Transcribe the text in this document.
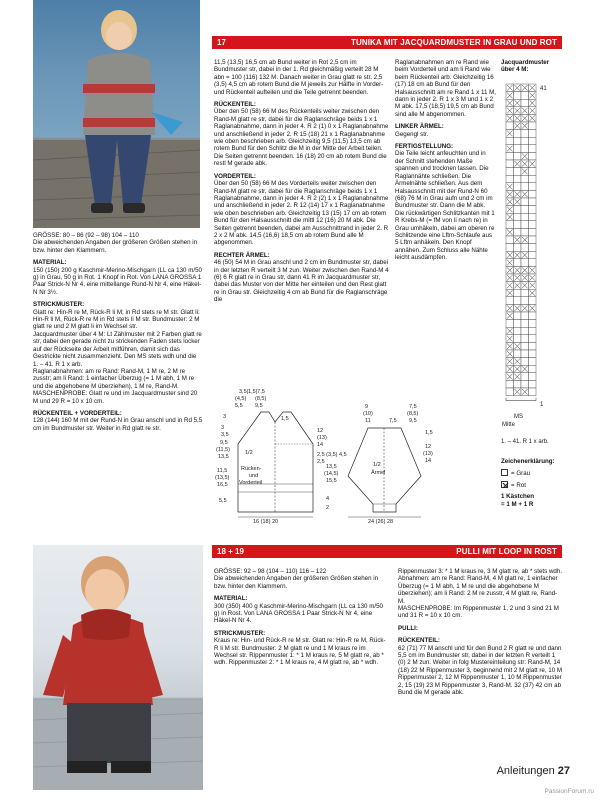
17	TUNIKA MIT JACQUARDMUSTER IN GRAU UND ROT

GRÖSSE: 80 – 86 (92 – 98) 104 – 110

Die abweichenden Angaben der größeren Größen stehen in bzw. hinter den Klammern.

MATERIAL:

150 (150) 200 g Kaschmir-Merino-Mischgarn (LL ca 130 m/50 g) in Grau, 50 g in Rot. 1 Knopf in Rot. Von LANA GROSSA 1 Paar Strick-N Nr 4, eine mittellange Rund-N Nr 4, eine Häkel-N Nr 3½.

STRICKMUSTER:

Glatt re: Hin-R re M, Rück-R li M; in Rd stets re M str. Glatt li: Hin-R li M, Rück-R re M in Rd stets li M str. Bundmuster: 2 M glatt re und 2 M glatt li im Wechsel str.

Jacquardmuster über 4 M: Lt Zählmuster mit 2 Farben glatt re str, dabei den gerade nicht zu strickenden Faden stets locker auf der Rückseite der Arbeit mitführen, damit sich das Gestrickte nicht zusammenzieht. Den MS stets wdh und die 1. – 41. R 1 x arb.

Raglanabnahmen: am re Rand: Rand-M, 1 M re, 2 M re zusstr; am li Rand: 1 einfacher Überzug (= 1 M abh, 1 M re und die abgehobene M überziehen), 1 M re, Rand-M.

MASCHENPROBE: Glatt re und im Jacquardmuster sind 20 M und 29 R = 10 x 10 cm.

RÜCKENTEIL + VORDERTEIL:

128 (144) 160 M mit der Rund-N in Grau anschl und in Rd 5,5 cm im Bundmuster str. Weiter in Rd glatt re str.

11,5 (13,5) 16,5 cm ab Bund weiter in Rot 2,5 cm im Bundmuster str, dabei in der 1. Rd gleichmäßig verteilt 28 M abn = 100 (116) 132 M. Danach weiter in Grau glatt re str. 2,5 (3,5) 4,5 cm ab rotem Bund die M jeweils zur Hälfte in Vorder- und Rückenteil aufteilen und die Teile getrennt beenden.

RÜCKENTEIL:

Über den 50 (58) 66 M des Rückenteils weiter zwischen den Rand-M glatt re str, dabei für die Raglanschräge beids 1 x 1 Raglanabnahme, dann in jeder 4. R 2 (1) 0 x 1 Raglanabnahme und anschließend in jeder 2. R 15 (18) 21 x 1 Raglanabnahme wie oben beschrieben arb. Gleichzeitig 9,5 (11,5) 13,5 cm ab rotem Bund für den Schlitz die M in der Mitte der Arbeit teilen. Die Seiten getrennt beenden. 16 (18) 20 cm ab rotem Bund die restl M gerade abk.

VORDERTEIL:

Über den 50 (58) 66 M des Vorderteils weiter zwischen den Rand-M glatt re str, dabei für die Raglanschräge beids 1 x 1 Raglanabnahme, dann in jeder 4. R 2 (2) 1 x 1 Raglanabnahme und anschließend in jeder 2. R 12 (14) 17 x 1 Raglanabnahme wie oben beschrieben arb. Gleichzeitig 13 (15) 17 cm ab rotem Bund für den Halsausschnitt die mittl 12 (16) 20 M abk. Die Seiten getrennt beenden, dabei am Ausschnittrand in jeder 2. R 2 x 2 M abk. 14,5 (16,6) 18,5 cm ab rotem Bund alle M abgenommen.

RECHTER ÄRMEL:

46 (50) 54 M in Grau anschl und 2 cm im Bundmuster str, dabei in der letzten R verteilt 3 M zun. Weiter zwischen den Rand-M 4 (6) 6 R glatt re in Grau str, dann 41 R im Jacquardmuster str, dabei das Muster von der Mitte her einteilen und den Rest glatt re in Grau str. Gleichzeitig 4 cm ab Bund für die Raglanschräge die

Raglanabnahmen am re Rand wie beim Vorderteil und am li Rand wie beim Rückenteil arb. Gleichzeitig 16 (17) 18 cm ab Bund für den Halsausschnitt am re Rand 1 x 11 M, dann in jeder 2. R 1 x 3 M und 1 x 2 M abk. 17,5 (18,5) 19,5 cm ab Bund sind alle M abgenommen.

LINKER ÄRMEL:

Gegengl str.

FERTIGSTELLUNG:

Die Teile leicht anfeuchten und in der Schnitt stehenden Maße spannen und trocknen lassen. Die Raglannähte schließen. Die Ärmelnähte schließen. Aus dem Halsausschnitt mit der Rund-N 60 (68) 76 M in Grau aufn und 2 cm im Bundmuster str. Dann die M abk. Die rückwärtigen Schlitzkanten mit 1 R Krebs-M (= fM von li nach re) in Grau umhäkeln, dabei am oberen re Schlitzende eine Lftm-Schlaufe aus 5 Lftm anhäkeln. Den Knopf annähen. Zum Schluss alle Nähte leicht ausdämpfen.

Jacquardmuster über 4 M:
41
1
MS
Mitte
1. – 41. R 1 x arb.
Zeichenerklärung:
= Grau
= Rot
1 Kästchen
= 1 M + 1 R
1/2
Rücken-
und
Vorderteil
16 (18) 20
3,5|1,5|7,5
(4,5) (8,5)
5,5 9,5
3	1,5
3
3,5
9,5
(11,5)
13,5
11,5
(13,5)
16,5
5,5
12
(13)
14
2,5 (3,5) 4,5
2,5	1/2
Ärmel
24 (26) 28
9
(10)
11	7,5
7,5
(8,5)
9,5
1,5
12
(13)
14
13,5
(14,5)
15,5
4
2
18 + 19	PULLI MIT LOOP IN ROST

GRÖSSE: 92 – 98 (104 – 110) 116 – 122

Die abweichenden Angaben der größeren Größen stehen in bzw. hinter den Klammern.

MATERIAL:

300 (350) 400 g Kaschmir-Merino-Mischgarn (LL ca 130 m/50 g) in Rost. Von LANA GROSSA 1 Paar Strick-N Nr 4, eine Häkel-N Nr 4.

STRICKMUSTER:

Kraus re: Hin- und Rück-R re M str. Glatt re: Hin-R re M, Rück-R li M str. Bundmuster: 2 M glatt re und 1 M kraus re im Wechsel str. Rippenmuster 1: * 1 M kraus re, 5 M glatt re, ab * wdh. Rippenmuster 2: * 1 M kraus re, 4 M glatt re, ab * wdh.

Rippenmuster 3: * 1 M kraus re, 3 M glatt re, ab * stets wdh.

Abnahmen: am re Rand: Rand-M, 4 M glatt re, 1 einfacher Überzug (= 1 M abh, 1 M re und die abgehobene M überziehen); am li Rand: 2 M re zusstr, 4 M glatt re, Rand-M.

MASCHENPROBE: Im Rippenmuster 1, 2 und 3 sind 21 M und 31 R = 10 x 10 cm.

PULLI:
RÜCKENTEIL:

62 (71) 77 M anschl und für den Bund 2 R glatt re und dann 5,5 cm im Bundmuster str, dabei in der letzten R verteilt 1 (0) 2 M zun. Weiter in folg Mustereinteilung str: Rand-M, 14 (18) 22 M Rippenmuster 3, beginnend mit 2 M glatt re, 10 M Rippenmuster 2, 12 M Rippenmuster 1, 10 M Rippenmuster 2, 15 (19) 23 M Rippenmuster 3, Rand-M. 32 (37) 42 cm ab Bund die M gerade abk.

Anleitungen 27
PassionForum.ru
